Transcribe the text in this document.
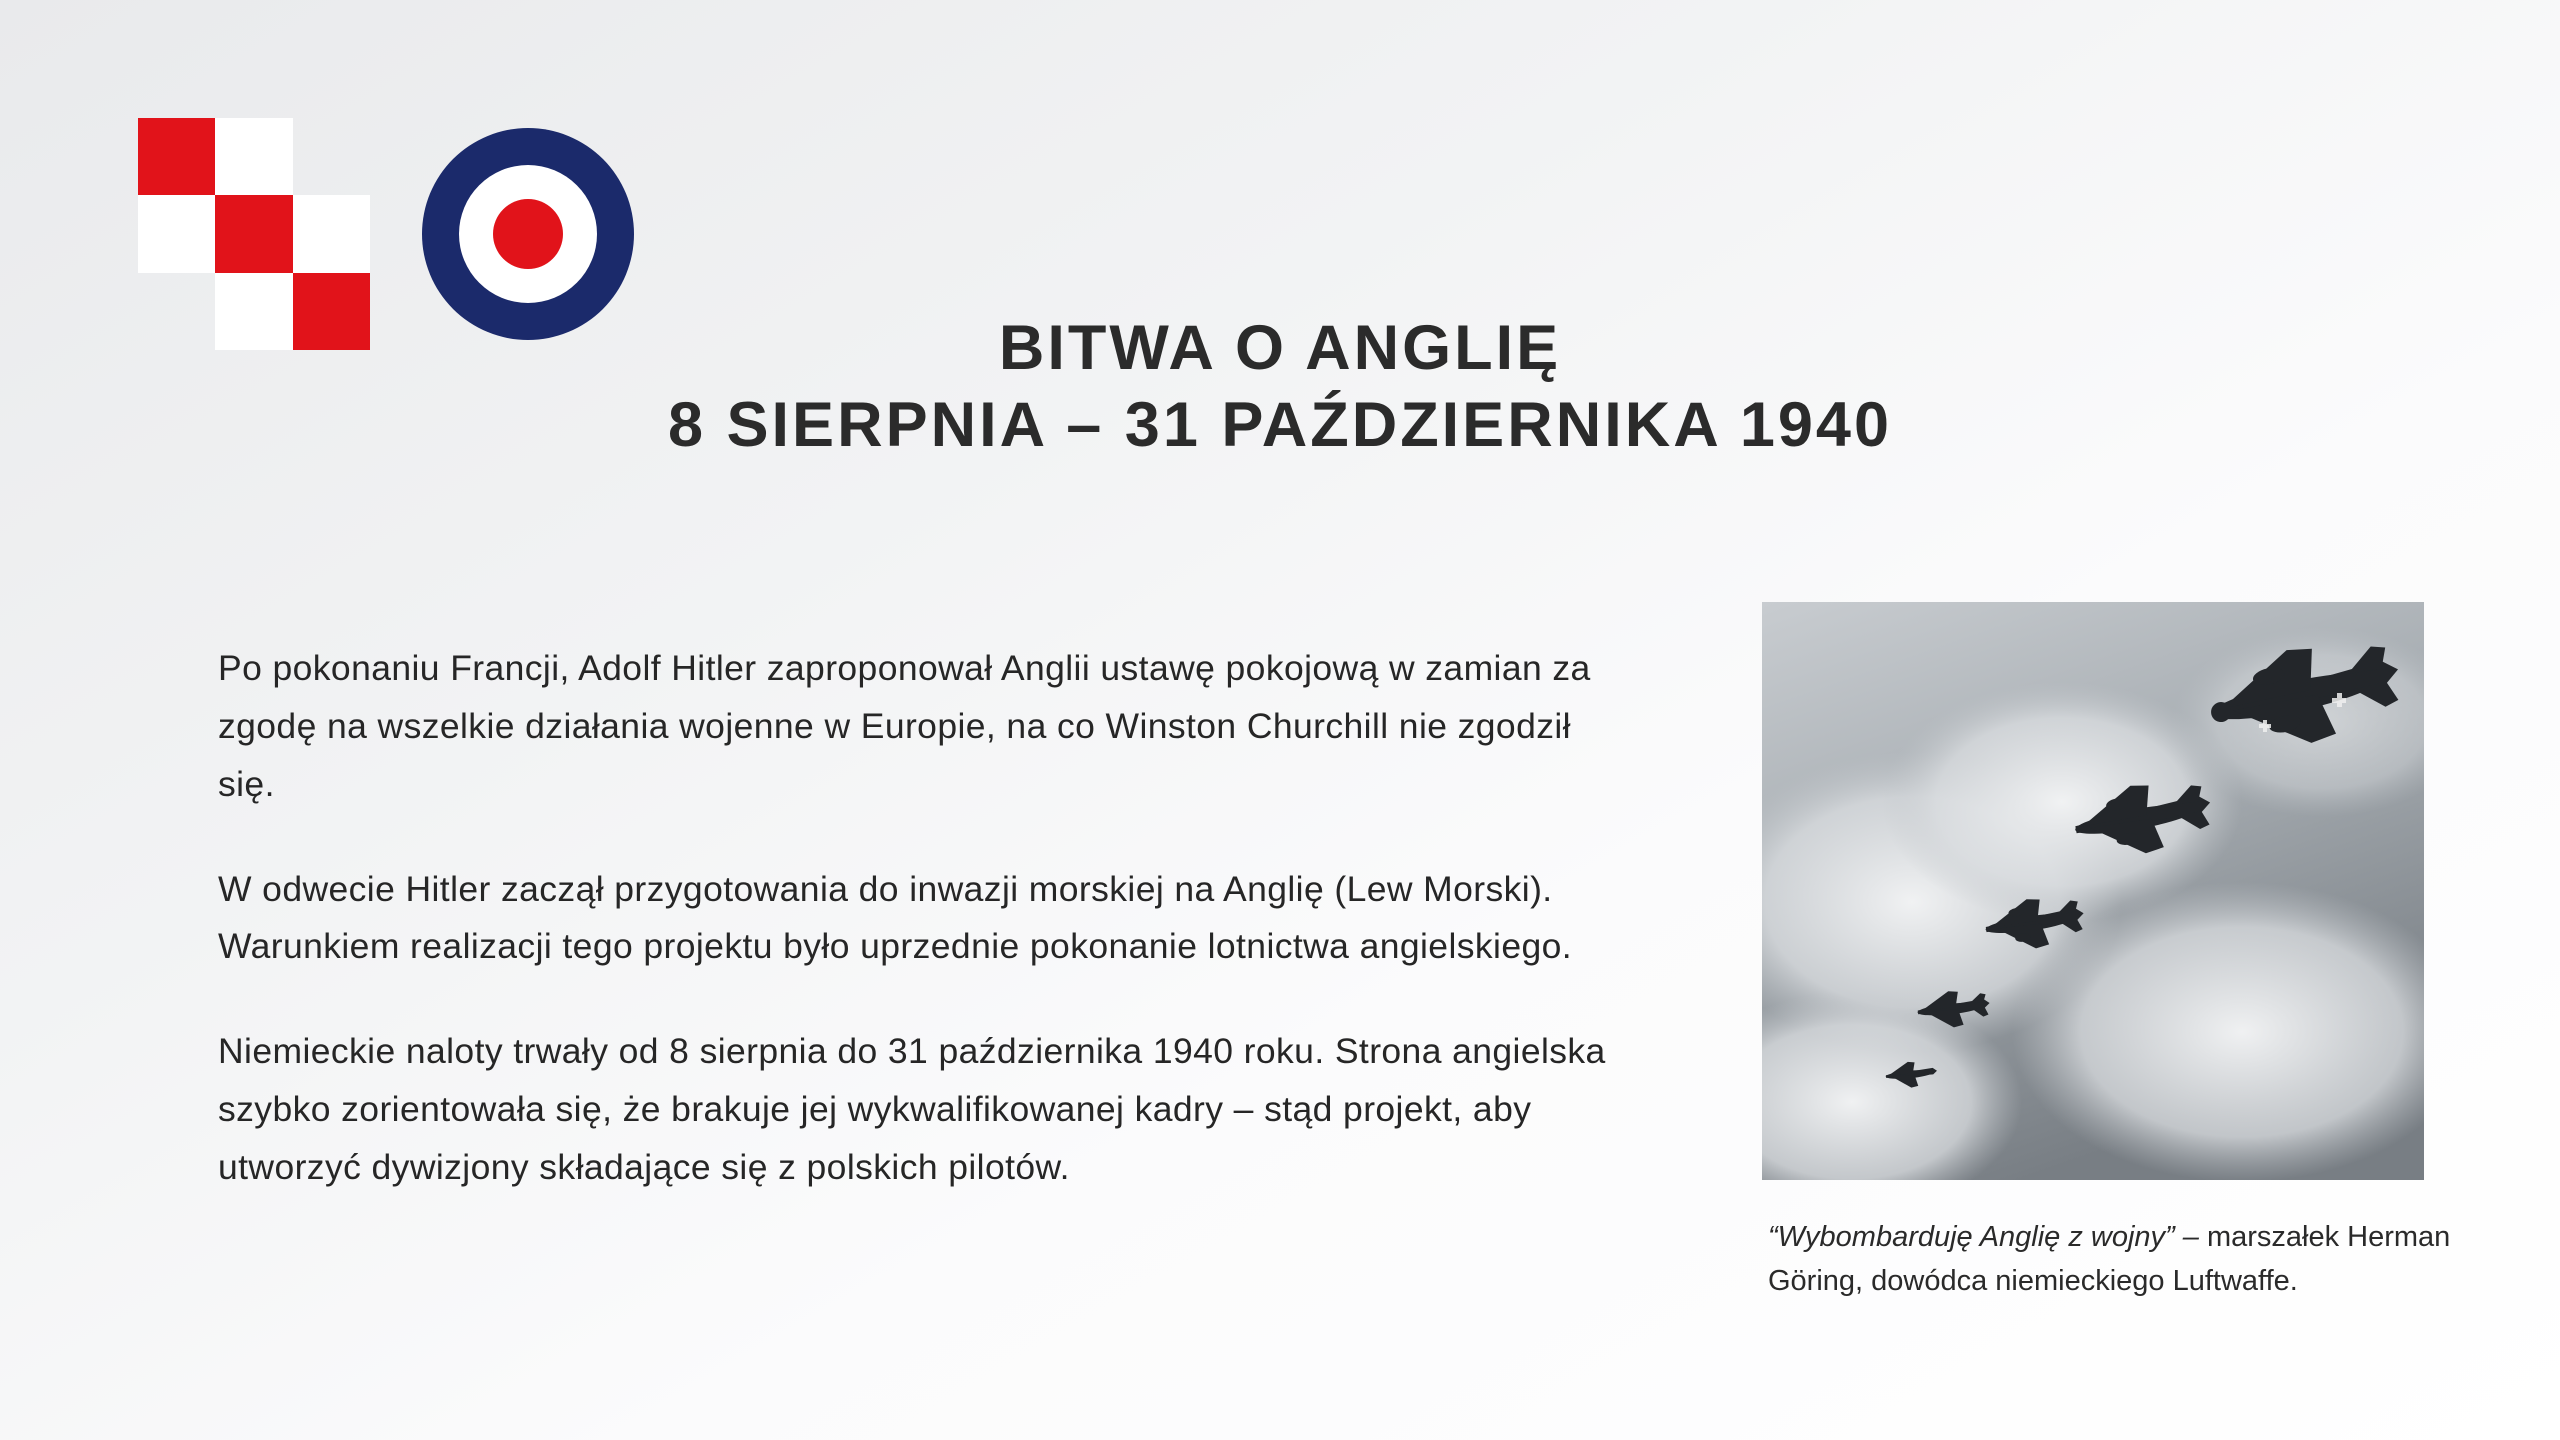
BITWA O ANGLIĘ
8 SIERPNIA – 31 PAŹDZIERNIKA 1940

Po pokonaniu Francji, Adolf Hitler zaproponował Anglii ustawę pokojową w zamian za zgodę na wszelkie działania wojenne w Europie, na co Winston Churchill nie zgodził się.

W odwecie Hitler zaczął przygotowania do inwazji morskiej na Anglię (Lew Morski). Warunkiem realizacji tego projektu było uprzednie pokonanie lotnictwa angielskiego.

Niemieckie naloty trwały od 8 sierpnia do 31 października 1940 roku. Strona angielska szybko zorientowała się, że brakuje jej wykwalifikowanej kadry – stąd projekt, aby utworzyć dywizjony składające się z polskich pilotów.

“Wybombarduję Anglię z wojny” – marszałek Herman Göring, dowódca niemieckiego Luftwaffe.
